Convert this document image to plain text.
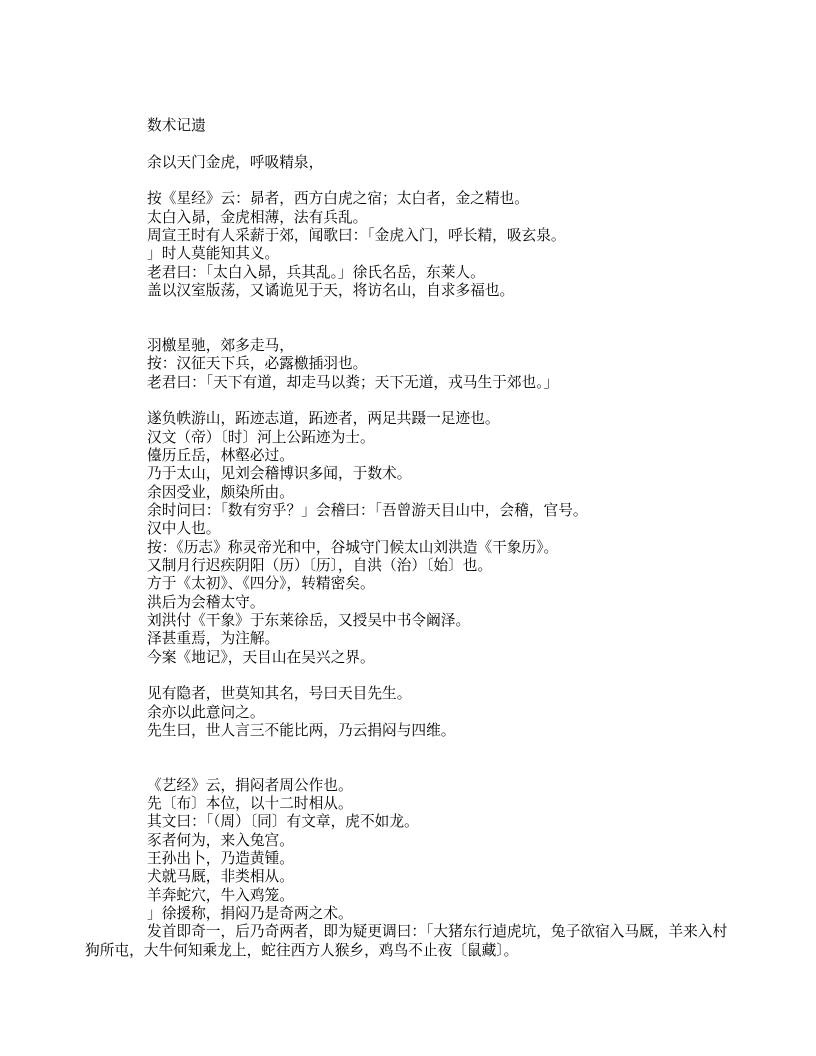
数术记遗

余以天门金虎，呼吸精泉，

按《星经》云：昴者，西方白虎之宿；太白者，金之精也。

太白入昴，金虎相薄，法有兵乱。

周宣王时有人采薪于郊，闻歌曰：「金虎入门，呼长精，吸玄泉。

」时人莫能知其义。

老君曰：「太白入昴，兵其乱。」徐氏名岳，东莱人。

盖以汉室版荡，又谲诡见于天，将访名山，自求多福也。

羽檄星驰，郊多走马，

按：汉征天下兵，必露檄插羽也。

老君曰：「天下有道，却走马以粪；天下无道，戎马生于郊也。」

遂负帙游山，跖迹志道，跖迹者，两足共蹑一足迹也。

汉文（帝）〔时〕河上公跖迹为士。

儓历丘岳，林壑必过。

乃于太山，见刘会稽博识多闻，于数术。

余因受业，颇染所由。

余时问曰：「数有穷乎？」会稽曰：「吾曾游天目山中，会稽，官号。

汉中人也。

按：《历志》称灵帝光和中，谷城守门候太山刘洪造《干象历》。

又制月行迟疾阴阳（历）〔历〕，自洪（治）〔始〕也。

方于《太初》、《四分》，转精密矣。

洪后为会稽太守。

刘洪付《干象》于东莱徐岳，又授吴中书令阚泽。

泽甚重焉，为注解。

今案《地记》，天目山在吴兴之界。

见有隐者，世莫知其名，号曰天目先生。

余亦以此意问之。

先生曰，世人言三不能比两，乃云捐闷与四维。

《艺经》云，捐闷者周公作也。

先〔布〕本位，以十二时相从。

其文曰：「（周）〔同〕有文章，虎不如龙。

豕者何为，来入兔宫。

王孙出卜，乃造黄锺。

犬就马厩，非类相从。

羊奔蛇穴，牛入鸡笼。

」徐援称，捐闷乃是奇两之术。

发首即奇一，后乃奇两者，即为疑更调曰：「大猪东行逌虎坑，兔子欲宿入马厩，羊来入村狗所屯，大牛何知乘龙上，蛇往西方人猴乡，鸡鸟不止夜〔鼠藏〕。
